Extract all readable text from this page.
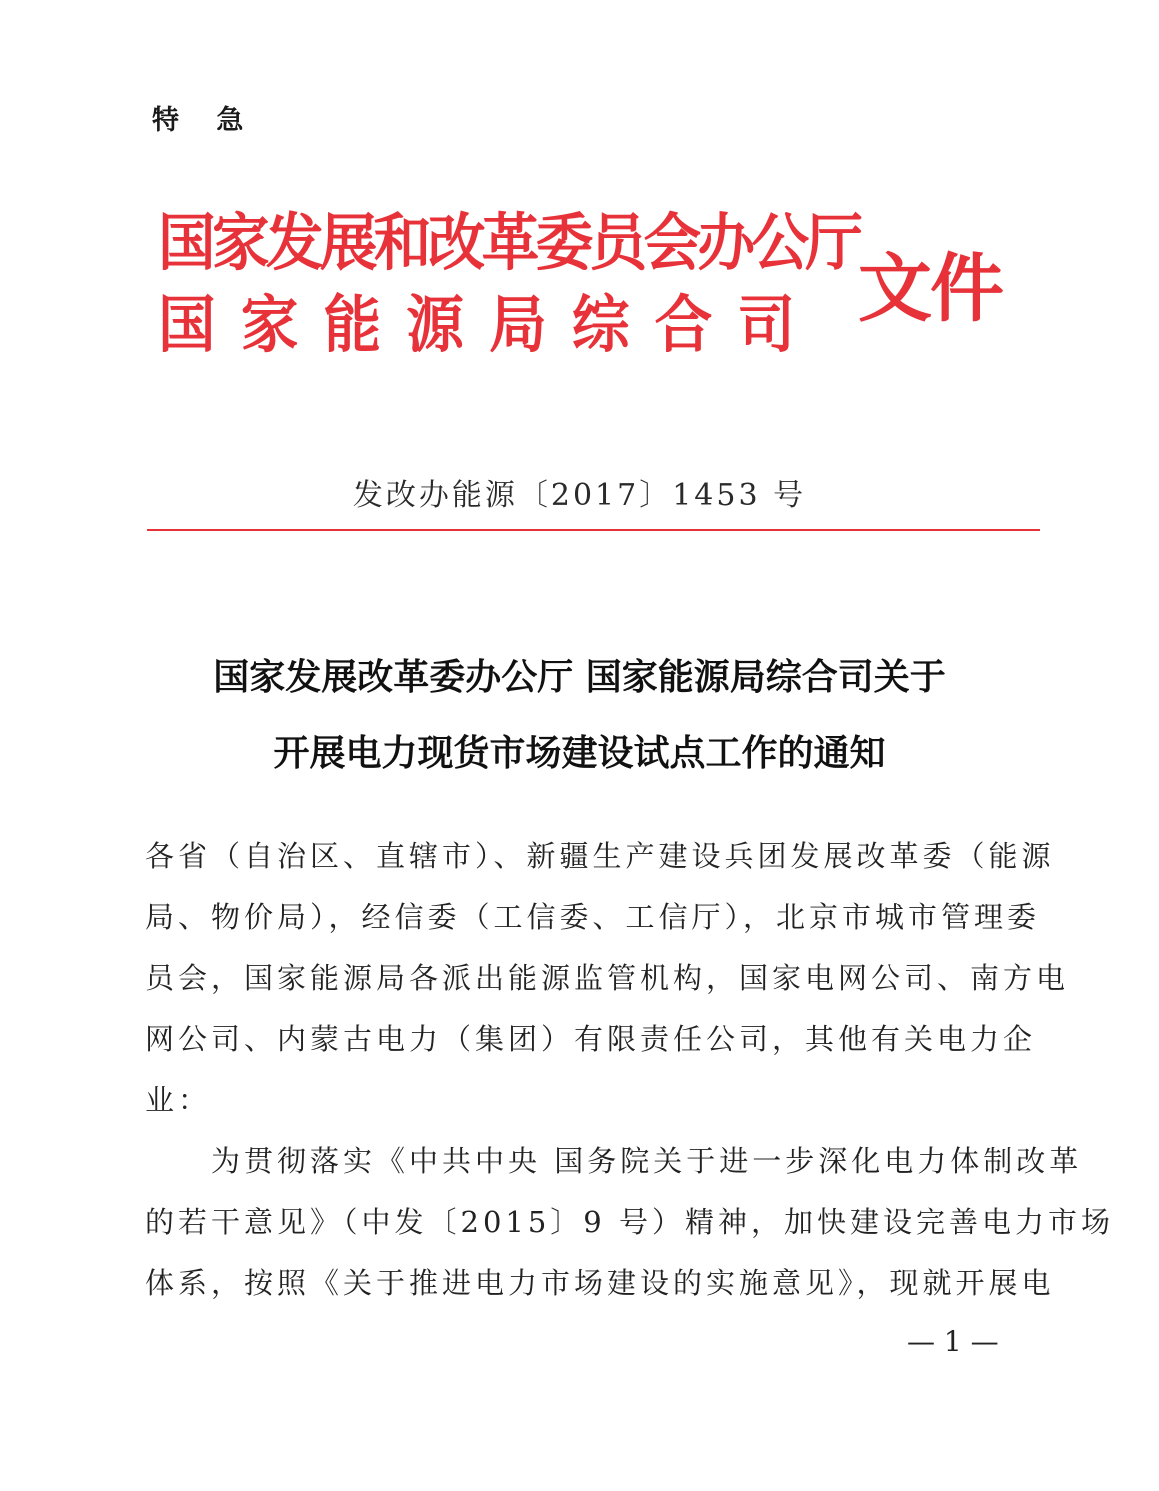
特 急
国家发展和改革委员会办公厅
国家能源局综合司 文件
发改办能源〔2017〕1453 号
国家发展改革委办公厅 国家能源局综合司关于
开展电力现货市场建设试点工作的通知
各省（自治区、直辖市）、新疆生产建设兵团发展改革委（能源
局、物价局），经信委（工信委、工信厅），北京市城市管理委
员会，国家能源局各派出能源监管机构，国家电网公司、南方电
网公司、内蒙古电力（集团）有限责任公司，其他有关电力企
业：
　　为贯彻落实《中共中央 国务院关于进一步深化电力体制改革
的若干意见》（中发〔2015〕9 号）精神，加快建设完善电力市场
体系，按照《关于推进电力市场建设的实施意见》，现就开展电
— 1 —
